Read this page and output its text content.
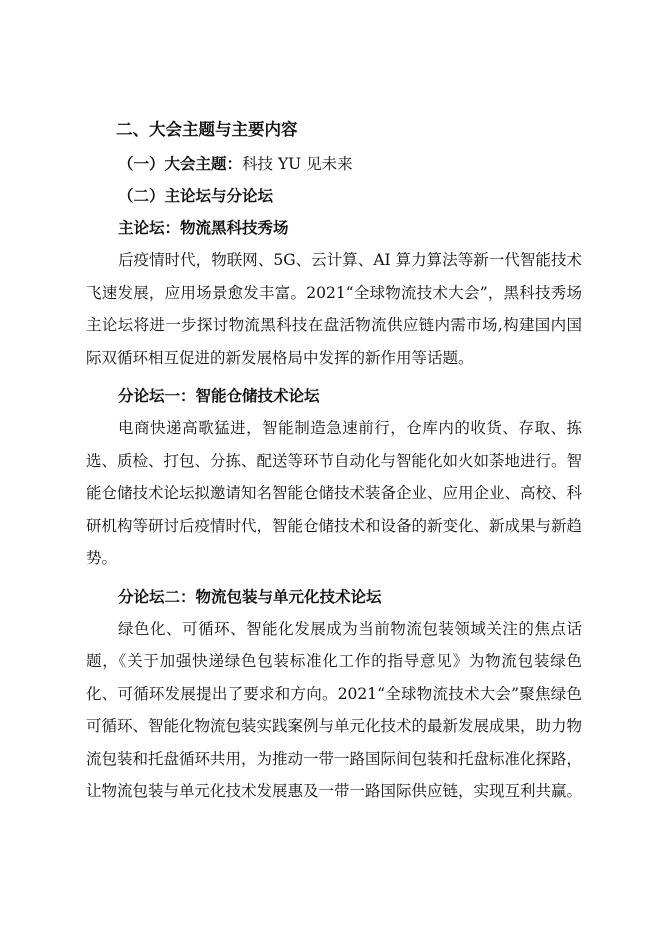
二、大会主题与主要内容

（一）大会主题：科技 YU 见未来

（二）主论坛与分论坛

主论坛：物流黑科技秀场

后疫情时代，物联网、5G、云计算、AI 算力算法等新一代智能技术飞速发展，应用场景愈发丰富。2021“全球物流技术大会”，黑科技秀场主论坛将进一步探讨物流黑科技在盘活物流供应链内需市场,构建国内国际双循环相互促进的新发展格局中发挥的新作用等话题。

分论坛一：智能仓储技术论坛

电商快递高歌猛进，智能制造急速前行，仓库内的收货、存取、拣选、质检、打包、分拣、配送等环节自动化与智能化如火如荼地进行。智能仓储技术论坛拟邀请知名智能仓储技术装备企业、应用企业、高校、科研机构等研讨后疫情时代，智能仓储技术和设备的新变化、新成果与新趋势。

分论坛二：物流包装与单元化技术论坛

绿色化、可循环、智能化发展成为当前物流包装领域关注的焦点话题，《关于加强快递绿色包装标准化工作的指导意见》为物流包装绿色化、可循环发展提出了要求和方向。2021“全球物流技术大会”聚焦绿色可循环、智能化物流包装实践案例与单元化技术的最新发展成果，助力物流包装和托盘循环共用，为推动一带一路国际间包装和托盘标准化探路，让物流包装与单元化技术发展惠及一带一路国际供应链，实现互利共赢。
